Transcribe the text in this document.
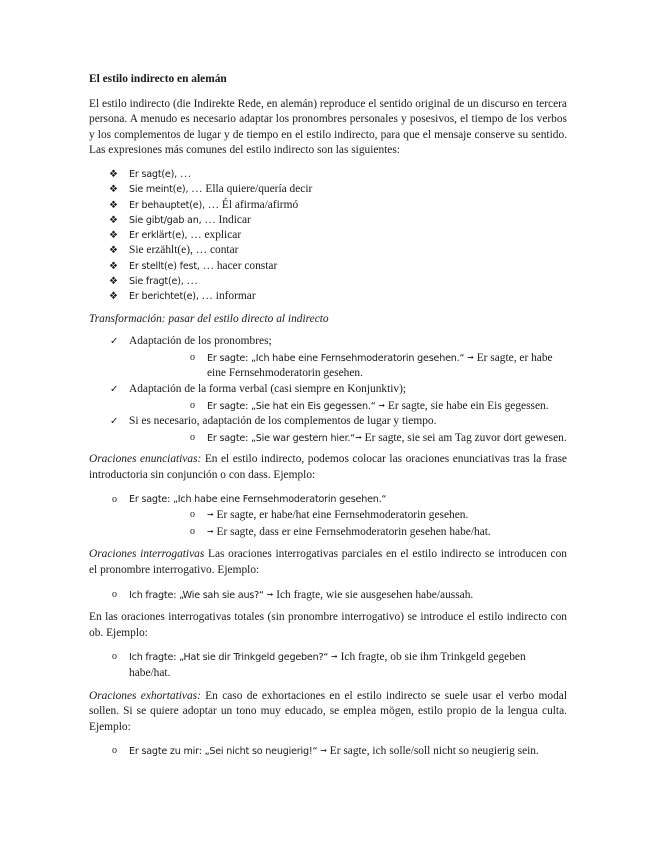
El estilo indirecto en alemán

El estilo indirecto (die Indirekte Rede, en alemán) reproduce el sentido original de un discurso en tercera persona. A menudo es necesario adaptar los pronombres personales y posesivos, el tiempo de los verbos y los complementos de lugar y de tiempo en el estilo indirecto, para que el mensaje conserve su sentido. Las expresiones más comunes del estilo indirecto son las siguientes:

❖ Er sagt(e), …
❖ Sie meint(e), … Ella quiere/quería decir
❖ Er behauptet(e), … Él afirma/afirmó
❖ Sie gibt/gab an, … Indicar
❖ Er erklärt(e), … explicar
❖ Sie erzählt(e), … contar
❖ Er stellt(e) fest, … hacer constar
❖ Sie fragt(e), …
❖ Er berichtet(e), … informar

Transformación: pasar del estilo directo al indirecto

✓ Adaptación de los pronombres;
o Er sagte: „Ich habe eine Fernsehmoderatorin gesehen.“ ➞ Er sagte, er habe eine Fernsehmoderatorin gesehen.
✓ Adaptación de la forma verbal (casi siempre en Konjunktiv);
o Er sagte: „Sie hat ein Eis gegessen.“ ➞ Er sagte, sie habe ein Eis gegessen.
✓ Si es necesario, adaptación de los complementos de lugar y tiempo.
o Er sagte: „Sie war gestern hier.“➞ Er sagte, sie sei am Tag zuvor dort gewesen.

Oraciones enunciativas: En el estilo indirecto, podemos colocar las oraciones enunciativas tras la frase introductoria sin conjunción o con dass. Ejemplo:

o Er sagte: „Ich habe eine Fernsehmoderatorin gesehen.“
o ➞ Er sagte, er habe/hat eine Fernsehmoderatorin gesehen.
o ➞ Er sagte, dass er eine Fernsehmoderatorin gesehen habe/hat.

Oraciones interrogativas Las oraciones interrogativas parciales en el estilo indirecto se introducen con el pronombre interrogativo. Ejemplo:

o Ich fragte: „Wie sah sie aus?“ ➞ Ich fragte, wie sie ausgesehen habe/aussah.

En las oraciones interrogativas totales (sin pronombre interrogativo) se introduce el estilo indirecto con ob. Ejemplo:

o Ich fragte: „Hat sie dir Trinkgeld gegeben?“ ➞ Ich fragte, ob sie ihm Trinkgeld gegeben habe/hat.

Oraciones exhortativas: En caso de exhortaciones en el estilo indirecto se suele usar el verbo modal sollen. Si se quiere adoptar un tono muy educado, se emplea mögen, estilo propio de la lengua culta. Ejemplo:

o Er sagte zu mir: „Sei nicht so neugierig!“ ➞ Er sagte, ich solle/soll nicht so neugierig sein.
